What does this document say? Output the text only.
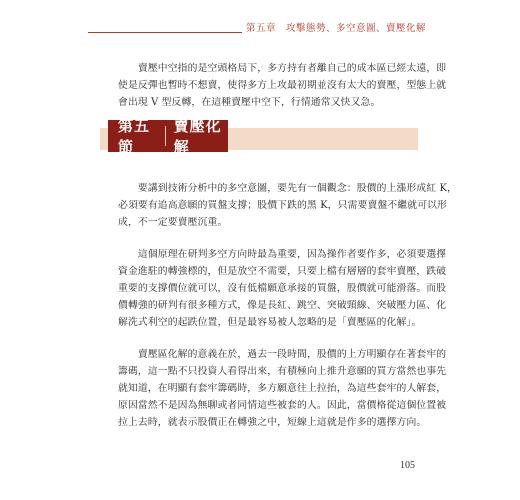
第五章　攻擊態勢、多空意圖、賣壓化解
　　賣壓中空指的是空頭格局下，多方持有者離自己的成本區已經太遠，即
使是反彈也暫時不想賣，使得多方上攻最初期並沒有太大的賣壓，型態上就
會出現 V 型反轉，在這種賣壓中空下，行情通常又快又急。
第五節
賣壓化解
　　要講到技術分析中的多空意圖，要先有一個觀念：股價的上漲形成紅 K，
必須要有追高意願的買盤支撐；股價下跌的黑 K，只需要賣盤不繼就可以形
成，不一定要賣壓沉重。
　　這個原理在研判多空方向時最為重要，因為操作者要作多，必須要選擇
資金進駐的轉強標的，但是放空不需要，只要上檔有層層的套牢賣壓，跌破
重要的支撐價位就可以，沒有低檔願意承接的買盤，股價就可能滑落。而股
價轉強的研判有很多種方式，像是長紅、跳空、突破頸線、突破壓力區、化
解洗式利空的起跌位置，但是最容易被人忽略的是「賣壓區的化解」。
　　賣壓區化解的意義在於，過去一段時間，股價的上方明顯存在著套牢的
籌碼，這一點不只投資人看得出來，有積極向上推升意願的買方當然也事先
就知道，在明顯有套牢籌碼時，多方願意往上拉抬，為這些套牢的人解套，
原因當然不是因為無聊或者同情這些被套的人。因此，當價格從這個位置被
拉上去時，就表示股價正在轉強之中，短線上這就是作多的選擇方向。
105
